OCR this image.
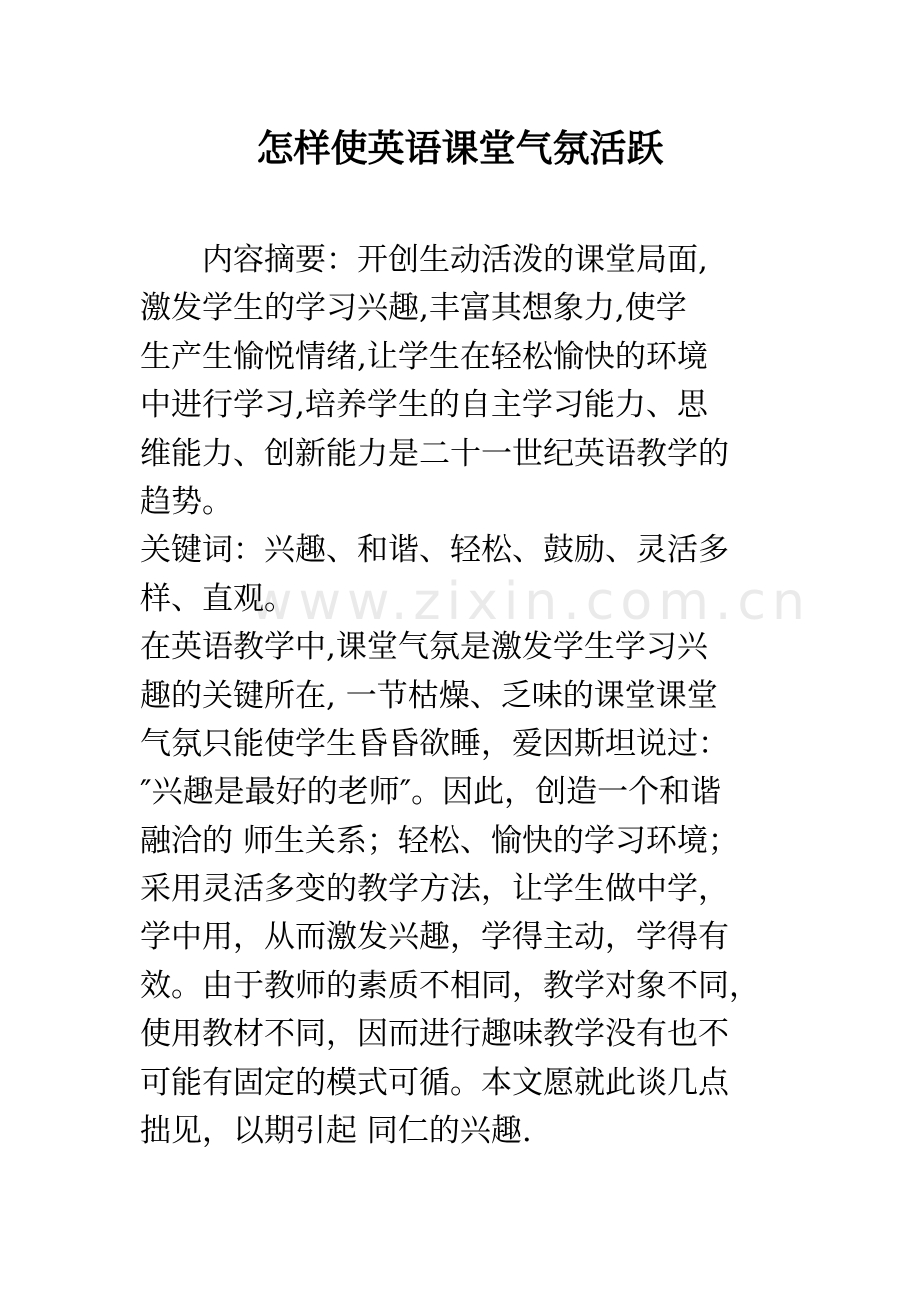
www.zixin.com.cn
怎样使英语课堂气氛活跃
　　内容摘要：开创生动活泼的课堂局面,
激发学生的学习兴趣,丰富其想象力,使学
生产生愉悦情绪,让学生在轻松愉快的环境
中进行学习,培养学生的自主学习能力、思
维能力、创新能力是二十一世纪英语教学的
趋势。
关键词：兴趣、和谐、轻松、鼓励、灵活多
样、直观。
在英语教学中,课堂气氛是激发学生学习兴
趣的关键所在, 一节枯燥、乏味的课堂课堂
气氛只能使学生昏昏欲睡，爱因斯坦说过：
″兴趣是最好的老师″。因此，创造一个和谐
融洽的 师生关系；轻松、愉快的学习环境；
采用灵活多变的教学方法，让学生做中学，
学中用，从而激发兴趣，学得主动，学得有
效。由于教师的素质不相同，教学对象不同，
使用教材不同，因而进行趣味教学没有也不
可能有固定的模式可循。本文愿就此谈几点
拙见，以期引起 同仁的兴趣.
